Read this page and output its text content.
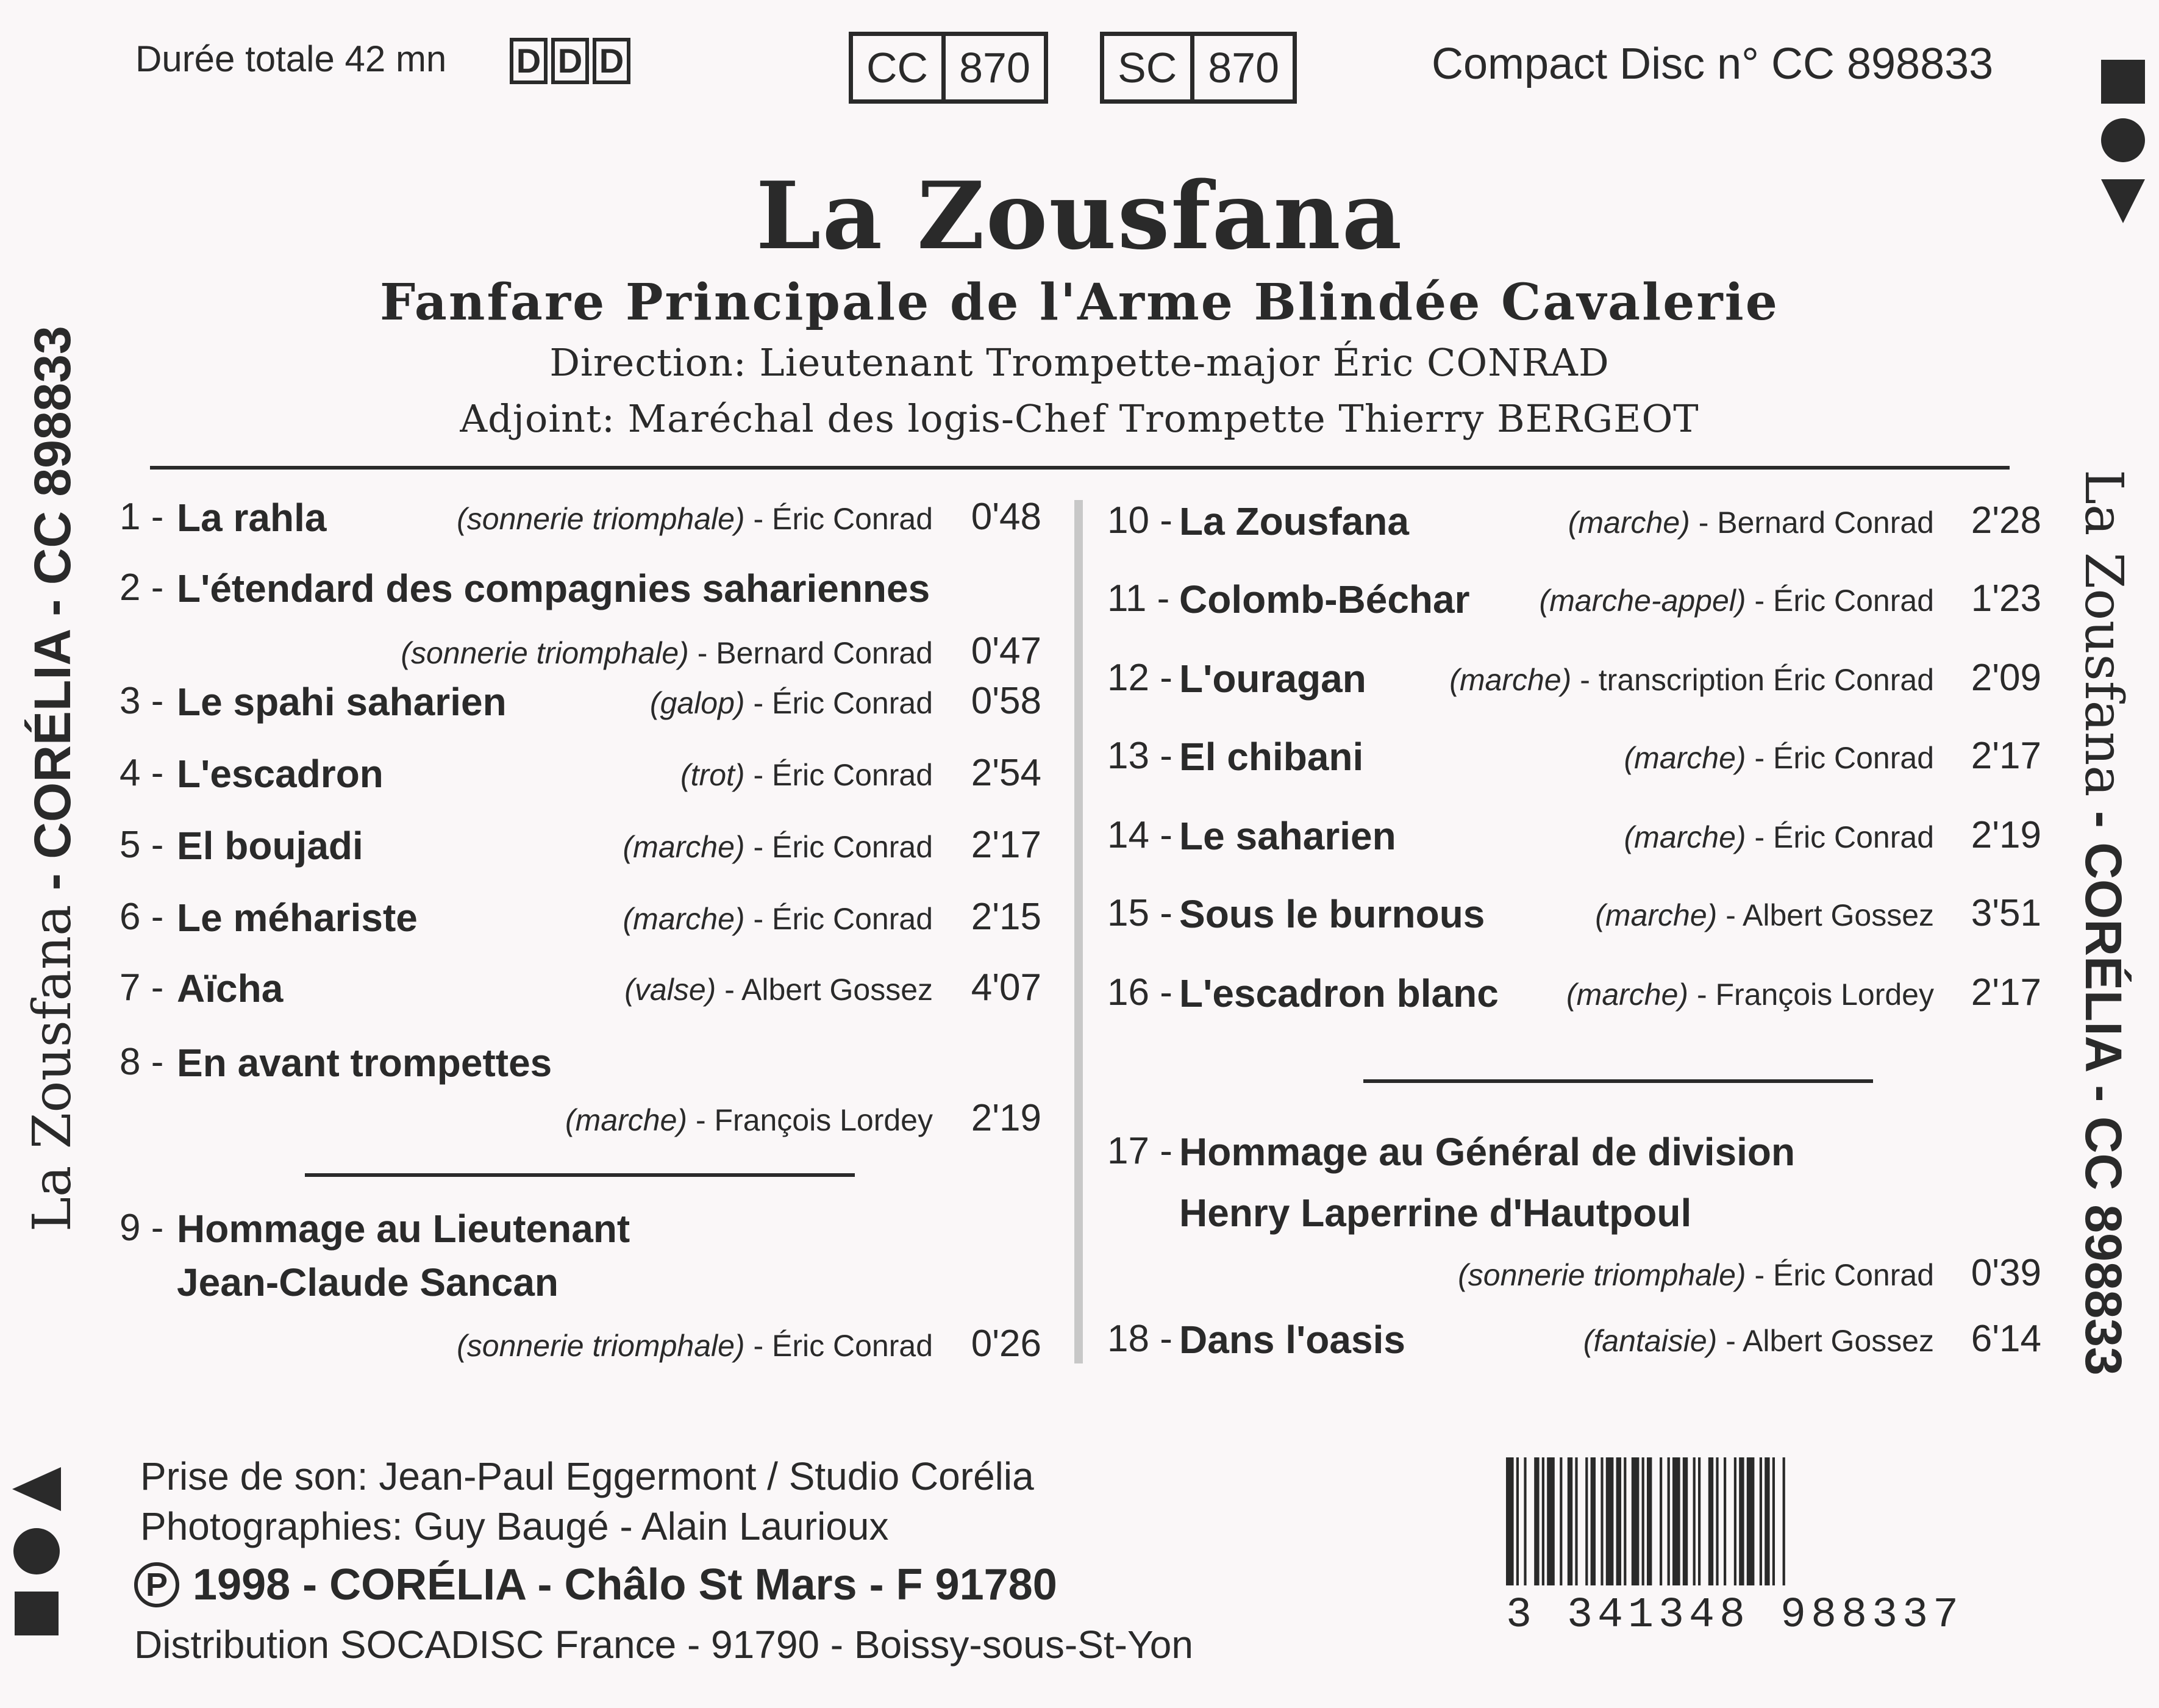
Durée totale 42 mn D D D	CC 870	SC 870	Compact Disc n° CC 898833
La Zousfana
Fanfare Principale de l'Arme Blindée Cavalerie
Direction: Lieutenant Trompette-major Éric CONRAD
Adjoint: Maréchal des logis-Chef Trompette Thierry BERGEOT
1 - La rahla	(sonnerie triomphale) - Éric Conrad 0'48
2 - L'étendard des compagnies sahariennes
(sonnerie triomphale) - Bernard Conrad 0'47
3 - Le spahi saharien	(galop) - Éric Conrad 0'58
4 - L'escadron	(trot) - Éric Conrad 2'54
5 - El boujadi	(marche) - Éric Conrad 2'17
6 - Le méhariste	(marche) - Éric Conrad 2'15
7 - Aïcha	(valse) - Albert Gossez 4'07
8 - En avant trompettes
(marche) - François Lordey 2'19
9 - Hommage au Lieutenant
Jean-Claude Sancan
(sonnerie triomphale) - Éric Conrad 0'26
10 - La Zousfana	(marche) - Bernard Conrad 2'28
11 - Colomb-Béchar (marche-appel) - Éric Conrad 1'23
12 - L'ouragan	(marche) - transcription Éric Conrad 2'09
13 - El chibani	(marche) - Éric Conrad 2'17
14 - Le saharien	(marche) - Éric Conrad 2'19
15 - Sous le burnous	(marche) - Albert Gossez 3'51
16 - L'escadron blanc (marche) - François Lordey 2'17
17 - Hommage au Général de division
Henry Laperrine d'Hautpoul
(sonnerie triomphale) - Éric Conrad 0'39
18 - Dans l'oasis	(fantaisie) - Albert Gossez 6'14
La Zousfana - CORÉLIA - CC 898833	La Zousfana - CORÉLIA - CC 898833
Prise de son: Jean-Paul Eggermont / Studio Corélia
Photographies: Guy Baugé - Alain Laurioux
P 1998 - CORÉLIA - Châlo St Mars - F 91780
Distribution SOCADISC France - 91790 - Boissy-sous-St-Yon
3 341348 988337
